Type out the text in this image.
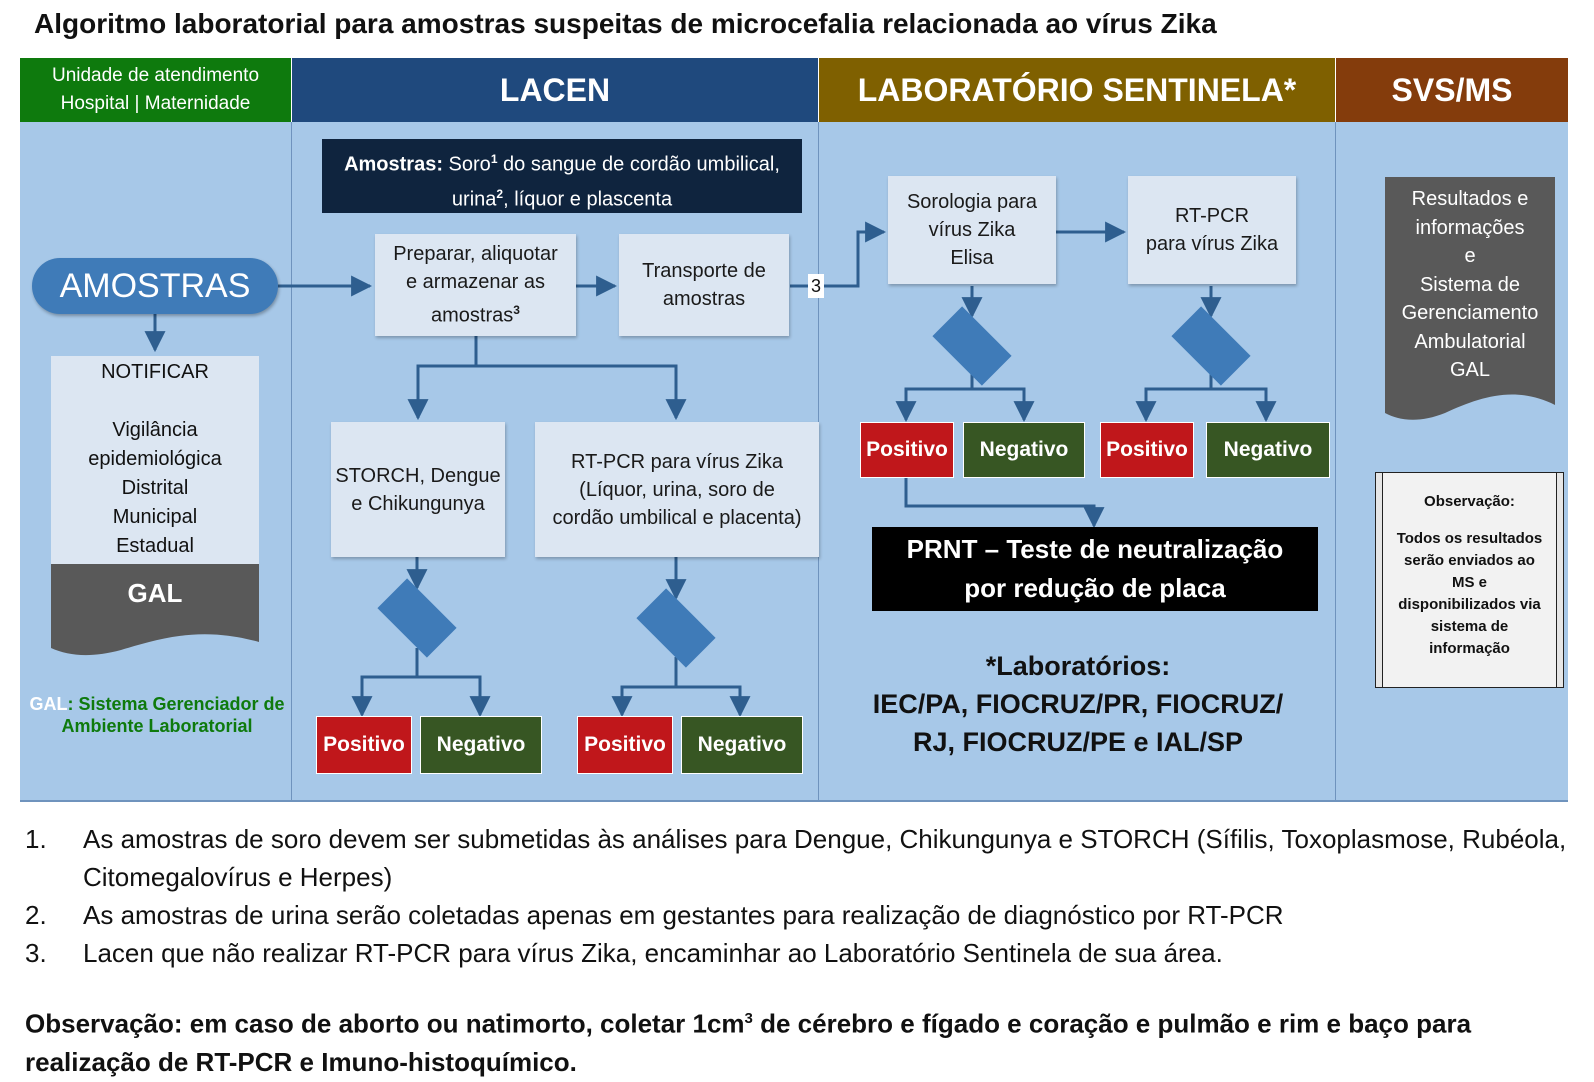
Algoritmo laboratorial para amostras suspeitas de microcefalia relacionada ao vírus Zika
Unidade de atendimento
Hospital | Maternidade	LACEN	LABORATÓRIO SENTINELA*	SVS/MS
AMOSTRAS
NOTIFICAR

Vigilância
epidemiológica
Distrital
Municipal
Estadual
GAL
GAL: Sistema Gerenciador de Ambiente Laboratorial
Amostras: Soro$^1$ do sangue de cordão umbilical,
urina$^2$, líquor e plascenta
Preparar, aliquotar
e armazenar as
amostras$^3$
Transporte de
amostras
3
STORCH, Dengue
e Chikungunya
RT-PCR para vírus Zika
(Líquor, urina, soro de
cordão umbilical e placenta)
Positivo	Negativo	Positivo	Negativo
Sorologia para
vírus Zika
Elisa
RT-PCR
para vírus Zika
Positivo	Negativo	Positivo	Negativo
PRNT – Teste de neutralização
por redução de placa
*Laboratórios:
IEC/PA, FIOCRUZ/PR, FIOCRUZ/
RJ, FIOCRUZ/PE e IAL/SP
Resultados e
informações
e
Sistema de
Gerenciamento
Ambulatorial
GAL
Observação:
Todos os resultados
serão enviados ao
MS e
disponibilizados via
sistema de
informação
1. As amostras de soro devem ser submetidas às análises para Dengue, Chikungunya e STORCH (Sífilis, Toxoplasmose, Rubéola, Citomegalovírus e Herpes)
2. As amostras de urina serão coletadas apenas em gestantes para realização de diagnóstico por RT-PCR
3. Lacen que não realizar RT-PCR para vírus Zika, encaminhar ao Laboratório Sentinela de sua área.
Observação: em caso de aborto ou natimorto, coletar $1cm^3$ de cérebro e fígado e coração e pulmão e rim e baço para realização de RT-PCR e Imuno-histoquímico.
